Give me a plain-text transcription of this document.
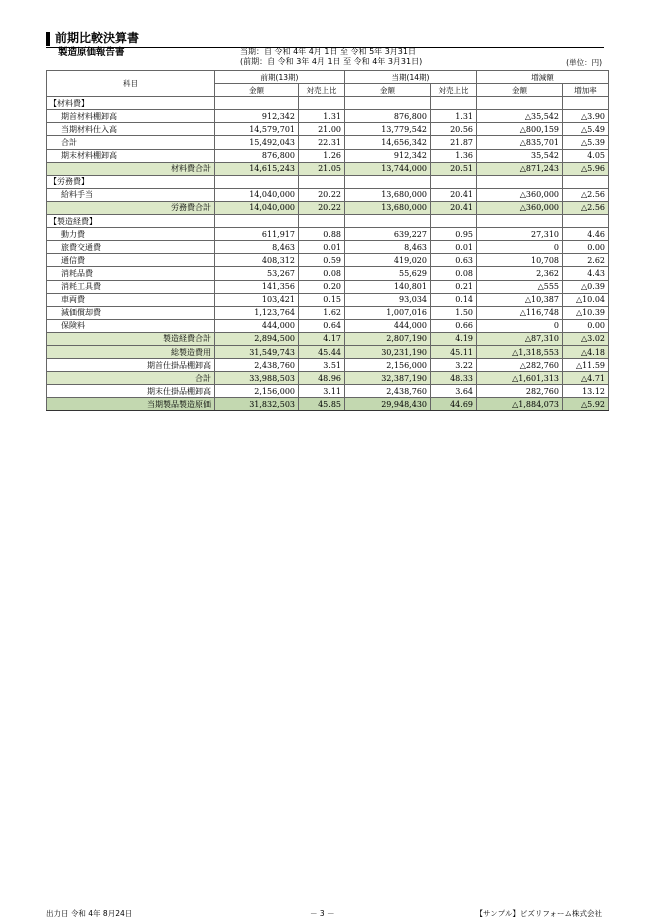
前期比較決算書
製造原価報告書	当期：自 令和 4年 4月 1日 至 令和 5年 3月31日
(前期：自 令和 3年 4月 1日 至 令和 4年 3月31日)	(単位：円)
科目	前期(13期)		当期(14期)		増減額	
	金額	対売上比	金額	対売上比	金額	増加率
【材料費】						
期首材料棚卸高	912,342	1.31	876,800	1.31	△35,542	△3.90
当期材料仕入高	14,579,701	21.00	13,779,542	20.56	△800,159	△5.49
合計	15,492,043	22.31	14,656,342	21.87	△835,701	△5.39
期末材料棚卸高	876,800	1.26	912,342	1.36	35,542	4.05
材料費合計	14,615,243	21.05	13,744,000	20.51	△871,243	△5.96
【労務費】						
給料手当	14,040,000	20.22	13,680,000	20.41	△360,000	△2.56
労務費合計	14,040,000	20.22	13,680,000	20.41	△360,000	△2.56
【製造経費】						
動力費	611,917	0.88	639,227	0.95	27,310	4.46
旅費交通費	8,463	0.01	8,463	0.01	0	0.00
通信費	408,312	0.59	419,020	0.63	10,708	2.62
消耗品費	53,267	0.08	55,629	0.08	2,362	4.43
消耗工具費	141,356	0.20	140,801	0.21	△555	△0.39
車両費	103,421	0.15	93,034	0.14	△10,387	△10.04
減価償却費	1,123,764	1.62	1,007,016	1.50	△116,748	△10.39
保険料	444,000	0.64	444,000	0.66	0	0.00
製造経費合計	2,894,500	4.17	2,807,190	4.19	△87,310	△3.02
総製造費用	31,549,743	45.44	30,231,190	45.11	△1,318,553	△4.18
期首仕掛品棚卸高	2,438,760	3.51	2,156,000	3.22	△282,760	△11.59
合計	33,988,503	48.96	32,387,190	48.33	△1,601,313	△4.71
期末仕掛品棚卸高	2,156,000	3.11	2,438,760	3.64	282,760	13.12
当期製品製造原価	31,832,503	45.85	29,948,430	44.69	△1,884,073	△5.92
出力日 令和 4年 8月24日	－ 3 －	【サンプル】ビズリフォーム株式会社
